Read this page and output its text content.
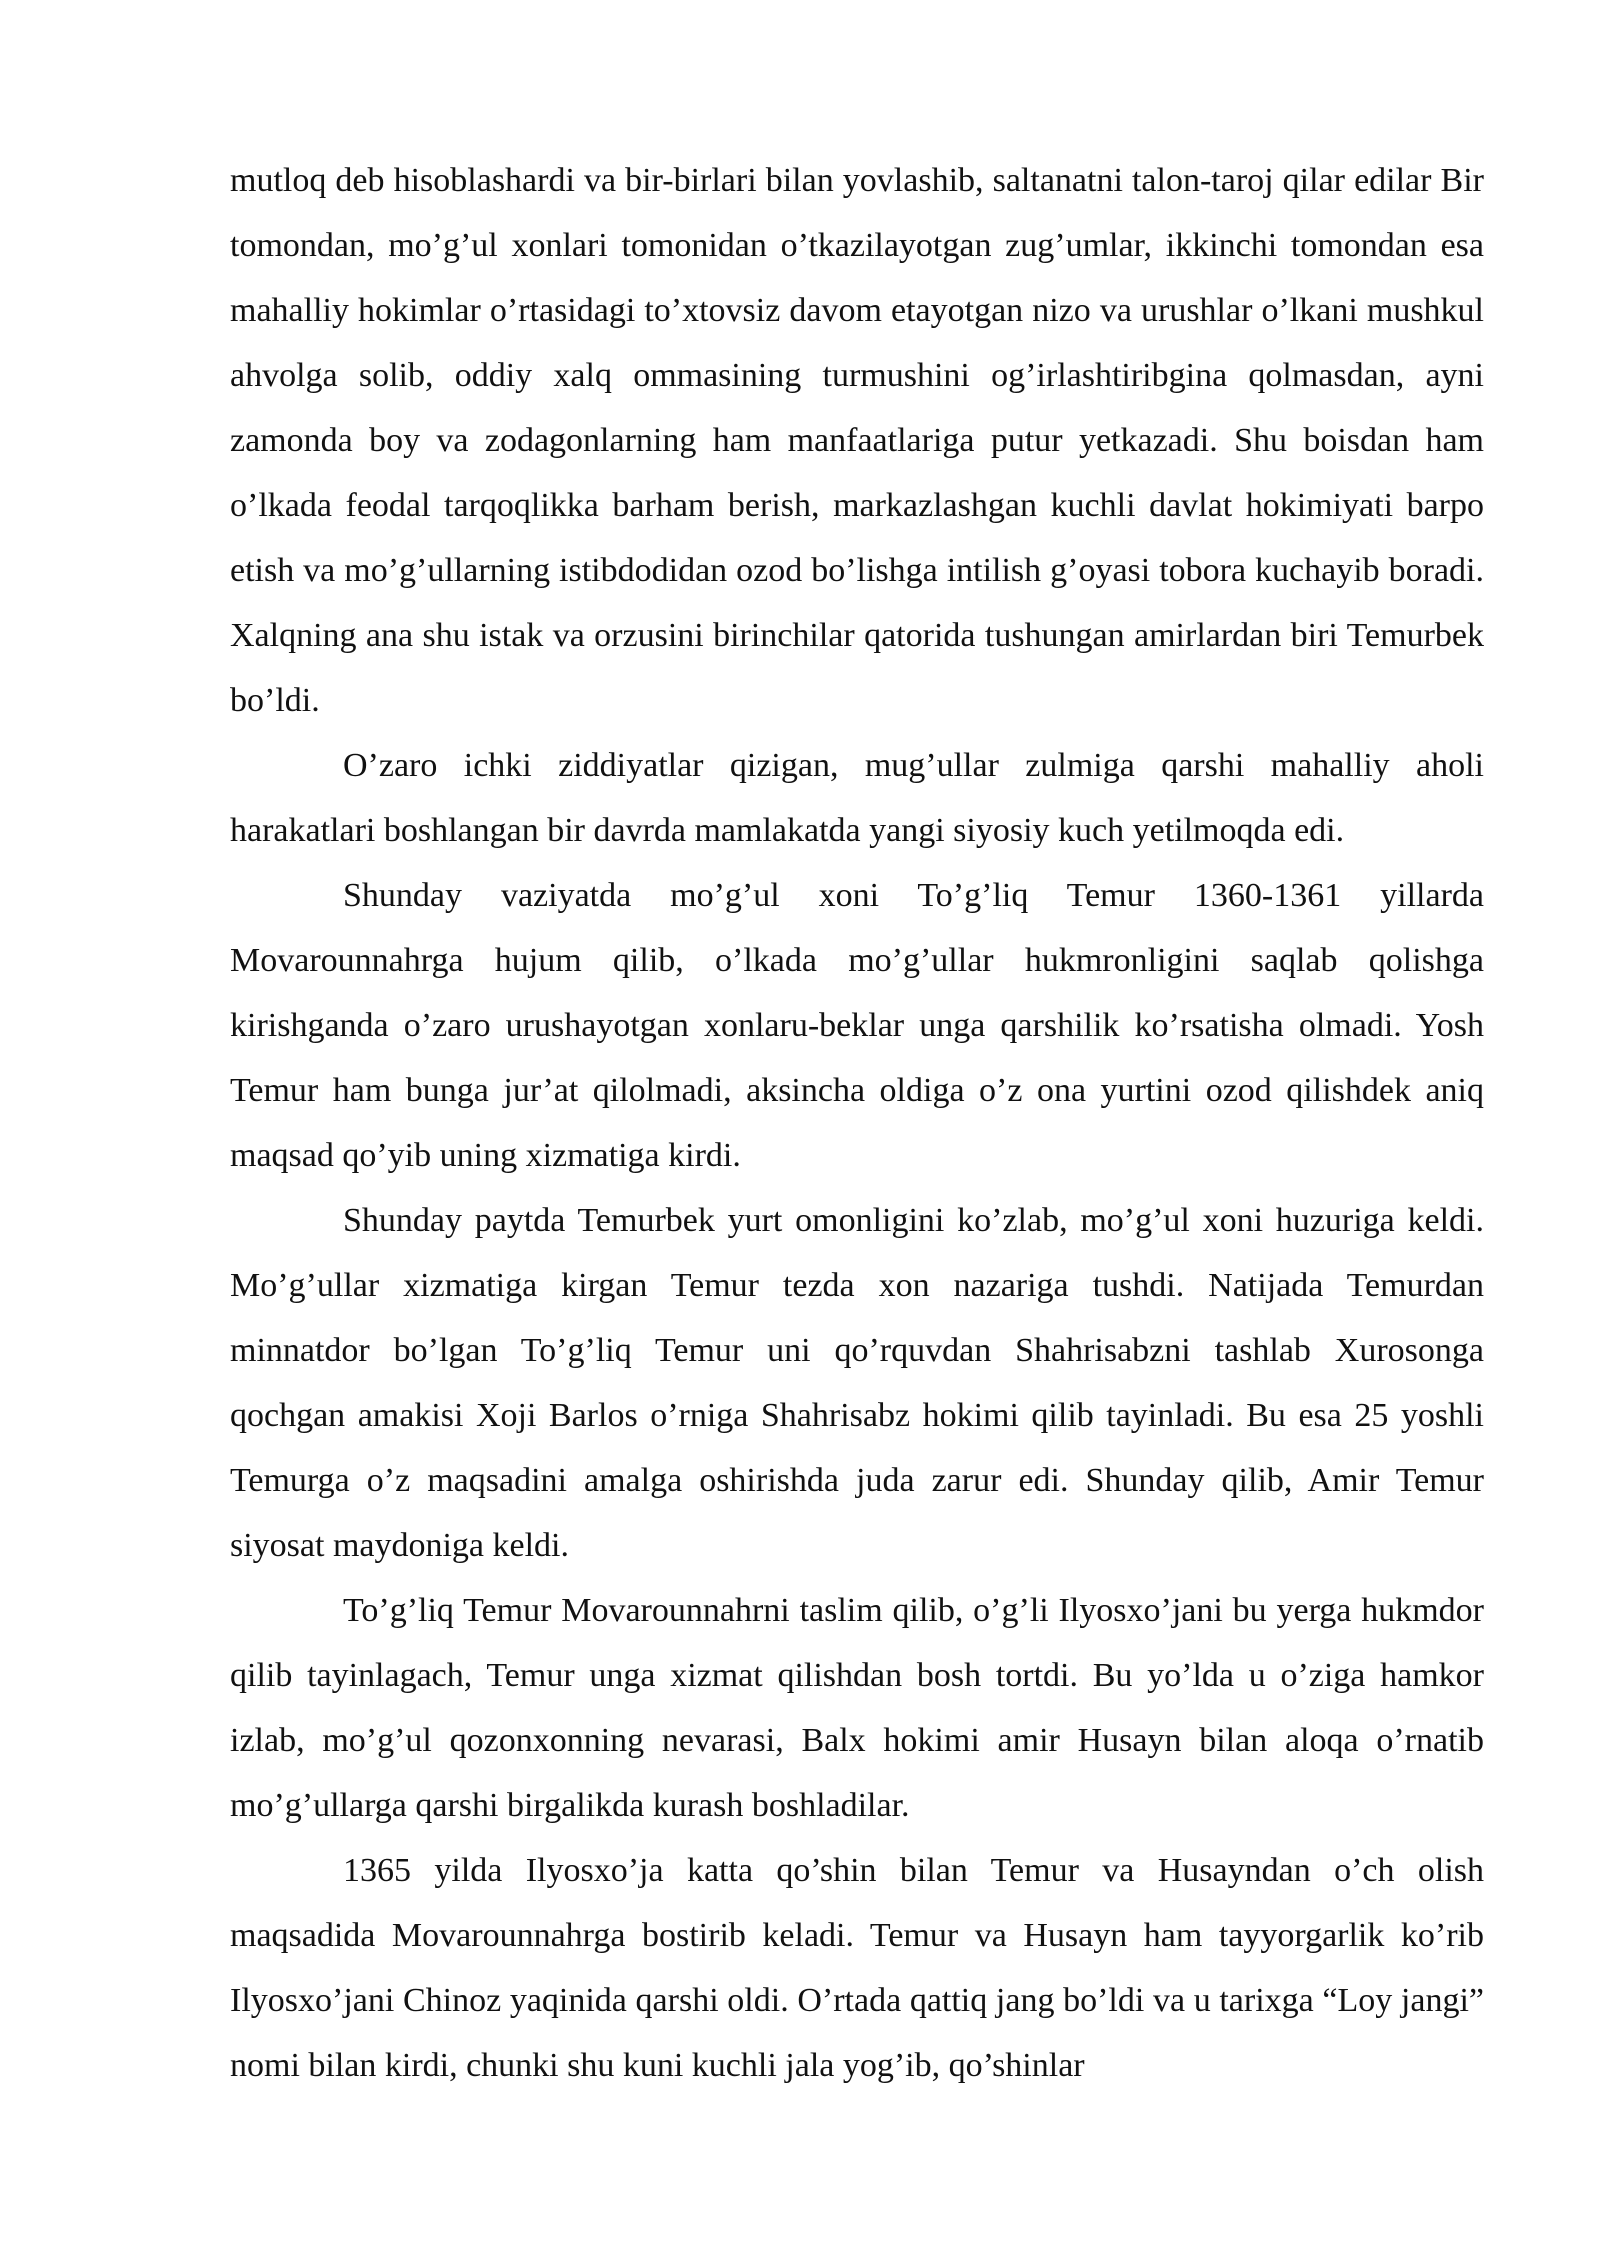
mutloq deb hisoblashardi va bir-birlari bilan yovlashib, saltanatni talon-taroj qilar edilar Bir tomondan, mo’g’ul xonlari tomonidan o’tkazilayotgan zug’umlar, ikkinchi tomondan esa mahalliy hokimlar o’rtasidagi to’xtovsiz davom etayotgan nizo va urushlar o’lkani mushkul ahvolga solib, oddiy xalq ommasining turmushini og’irlashtiribgina qolmasdan, ayni zamonda boy va zodagonlarning ham manfaatlariga putur yetkazadi. Shu boisdan ham o’lkada feodal tarqoqlikka barham berish, markazlashgan kuchli davlat hokimiyati barpo etish va mo’g’ullarning istibdodidan ozod bo’lishga intilish g’oyasi tobora kuchayib boradi. Xalqning ana shu istak va orzusini birinchilar qatorida tushungan amirlardan biri Temurbek bo’ldi.

O’zaro ichki ziddiyatlar qizigan, mug’ullar zulmiga qarshi mahalliy aholi harakatlari boshlangan bir davrda mamlakatda yangi siyosiy kuch yetilmoqda edi.

Shunday vaziyatda mo’g’ul xoni To’g’liq Temur 1360-1361 yillarda Movarounnahrga hujum qilib, o’lkada mo’g’ullar hukmronligini saqlab qolishga kirishganda o’zaro urushayotgan xonlaru-beklar unga qarshilik ko’rsatisha olmadi. Yosh Temur ham bunga jur’at qilolmadi, aksincha oldiga o’z ona yurtini ozod qilishdek aniq maqsad qo’yib uning xizmatiga kirdi.

Shunday paytda Temurbek yurt omonligini ko’zlab, mo’g’ul xoni huzuriga keldi. Mo’g’ullar xizmatiga kirgan Temur tezda xon nazariga tushdi. Natijada Temurdan minnatdor bo’lgan To’g’liq Temur uni qo’rquvdan Shahrisabzni tashlab Xurosonga qochgan amakisi Xoji Barlos o’rniga Shahrisabz hokimi qilib tayinladi. Bu esa 25 yoshli Temurga o’z maqsadini amalga oshirishda juda zarur edi. Shunday qilib, Amir Temur siyosat maydoniga keldi.

To’g’liq Temur Movarounnahrni taslim qilib, o’g’li Ilyosxo’jani bu yerga hukmdor qilib tayinlagach, Temur unga xizmat qilishdan bosh tortdi. Bu yo’lda u o’ziga hamkor izlab, mo’g’ul qozonxonning nevarasi, Balx hokimi amir Husayn bilan aloqa o’rnatib mo’g’ullarga qarshi birgalikda kurash boshladilar.

1365 yilda Ilyosxo’ja katta qo’shin bilan Temur va Husayndan o’ch olish maqsadida Movarounnahrga bostirib keladi. Temur va Husayn ham tayyorgarlik ko’rib Ilyosxo’jani Chinoz yaqinida qarshi oldi. O’rtada qattiq jang bo’ldi va u tarixga “Loy jangi” nomi bilan kirdi, chunki shu kuni kuchli jala yog’ib, qo’shinlar
